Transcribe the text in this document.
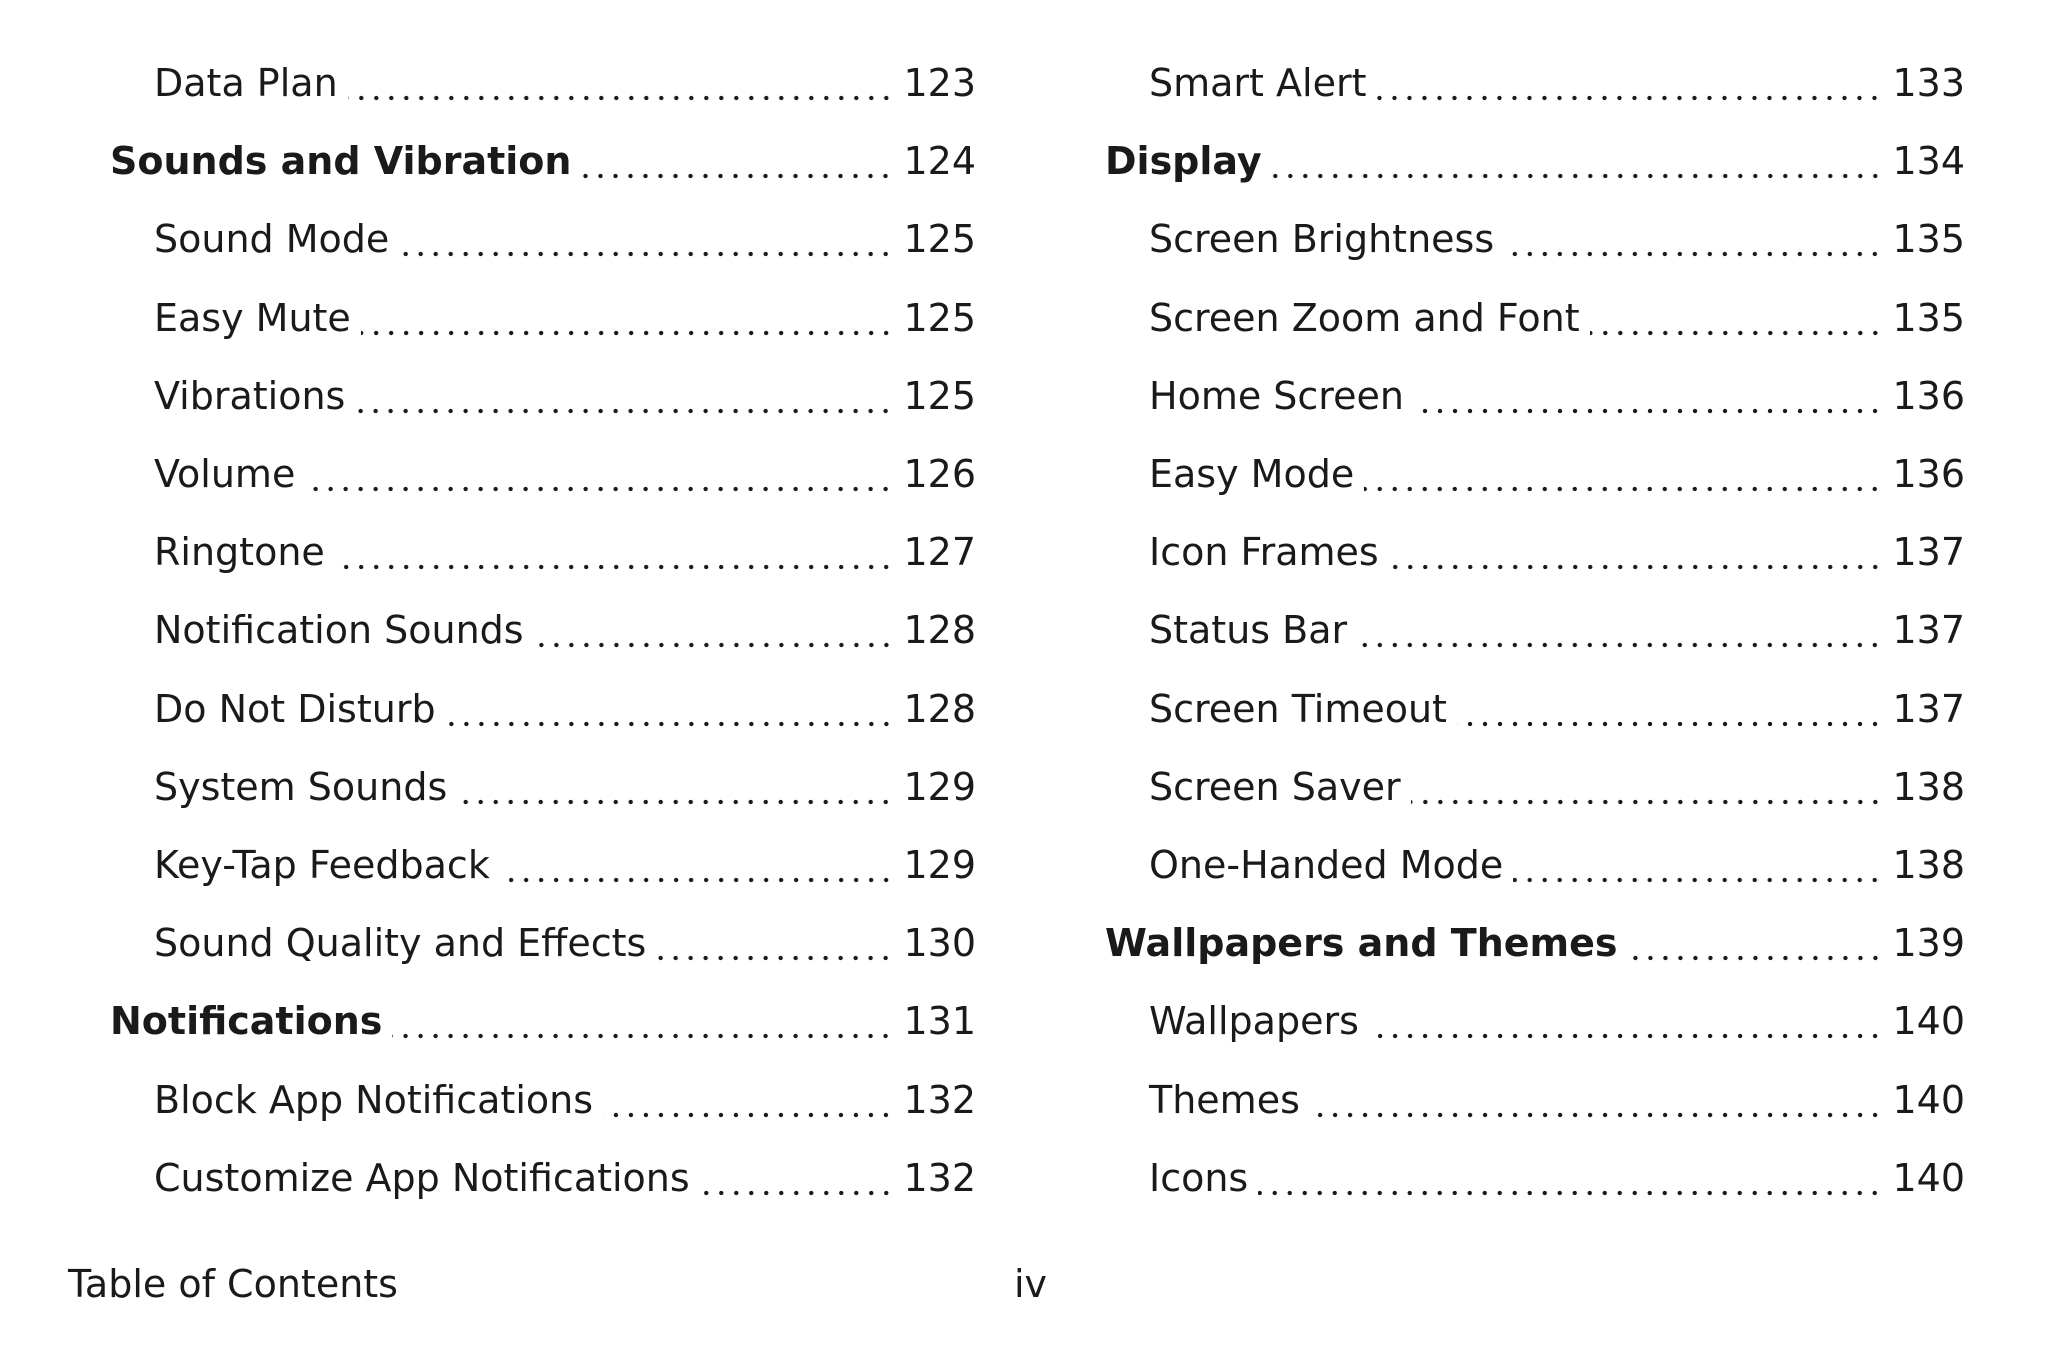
Data Plan	123
Sounds and Vibration	124
Sound Mode	125
Easy Mute	125
Vibrations	125
Volume	126
Ringtone	127
Notification Sounds	128
Do Not Disturb	128
System Sounds	129
Key-Tap Feedback	129
Sound Quality and Effects	130
Notifications	131
Block App Notifications	132
Customize App Notifications	132
Smart Alert	133
Display	134
Screen Brightness	135
Screen Zoom and Font	135
Home Screen	136
Easy Mode	136
Icon Frames	137
Status Bar	137
Screen Timeout	137
Screen Saver	138
One-Handed Mode	138
Wallpapers and Themes	139
Wallpapers	140
Themes	140
Icons	140
Table of Contents	iv
